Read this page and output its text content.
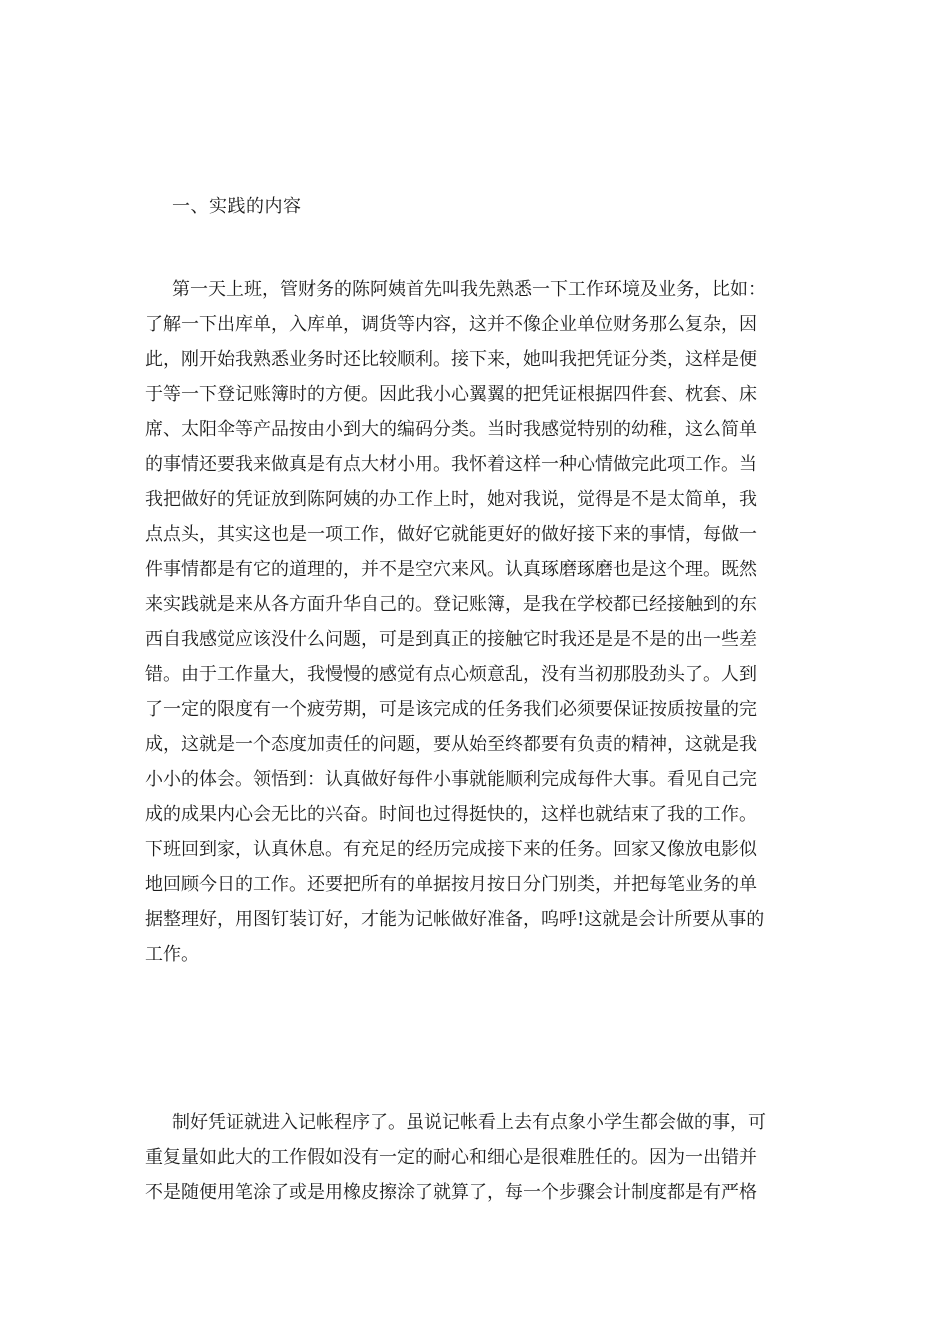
一、实践的内容
第一天上班，管财务的陈阿姨首先叫我先熟悉一下工作环境及业务，比如：
了解一下出库单，入库单，调货等内容，这并不像企业单位财务那么复杂，因
此，刚开始我熟悉业务时还比较顺利。接下来，她叫我把凭证分类，这样是便
于等一下登记账簿时的方便。因此我小心翼翼的把凭证根据四件套、枕套、床
席、太阳伞等产品按由小到大的编码分类。当时我感觉特别的幼稚，这么简单
的事情还要我来做真是有点大材小用。我怀着这样一种心情做完此项工作。当
我把做好的凭证放到陈阿姨的办工作上时，她对我说，觉得是不是太简单，我
点点头，其实这也是一项工作，做好它就能更好的做好接下来的事情，每做一
件事情都是有它的道理的，并不是空穴来风。认真琢磨琢磨也是这个理。既然
来实践就是来从各方面升华自己的。登记账簿，是我在学校都已经接触到的东
西自我感觉应该没什么问题，可是到真正的接触它时我还是是不是的出一些差
错。由于工作量大，我慢慢的感觉有点心烦意乱，没有当初那股劲头了。人到
了一定的限度有一个疲劳期，可是该完成的任务我们必须要保证按质按量的完
成，这就是一个态度加责任的问题，要从始至终都要有负责的精神，这就是我
小小的体会。领悟到：认真做好每件小事就能顺利完成每件大事。看见自己完
成的成果内心会无比的兴奋。时间也过得挺快的，这样也就结束了我的工作。
下班回到家，认真休息。有充足的经历完成接下来的任务。回家又像放电影似
地回顾今日的工作。还要把所有的单据按月按日分门别类，并把每笔业务的单
据整理好，用图钉装订好，才能为记帐做好准备，呜呼!这就是会计所要从事的
工作。
制好凭证就进入记帐程序了。虽说记帐看上去有点象小学生都会做的事，可
重复量如此大的工作假如没有一定的耐心和细心是很难胜任的。因为一出错并
不是随便用笔涂了或是用橡皮擦涂了就算了，每一个步骤会计制度都是有严格
